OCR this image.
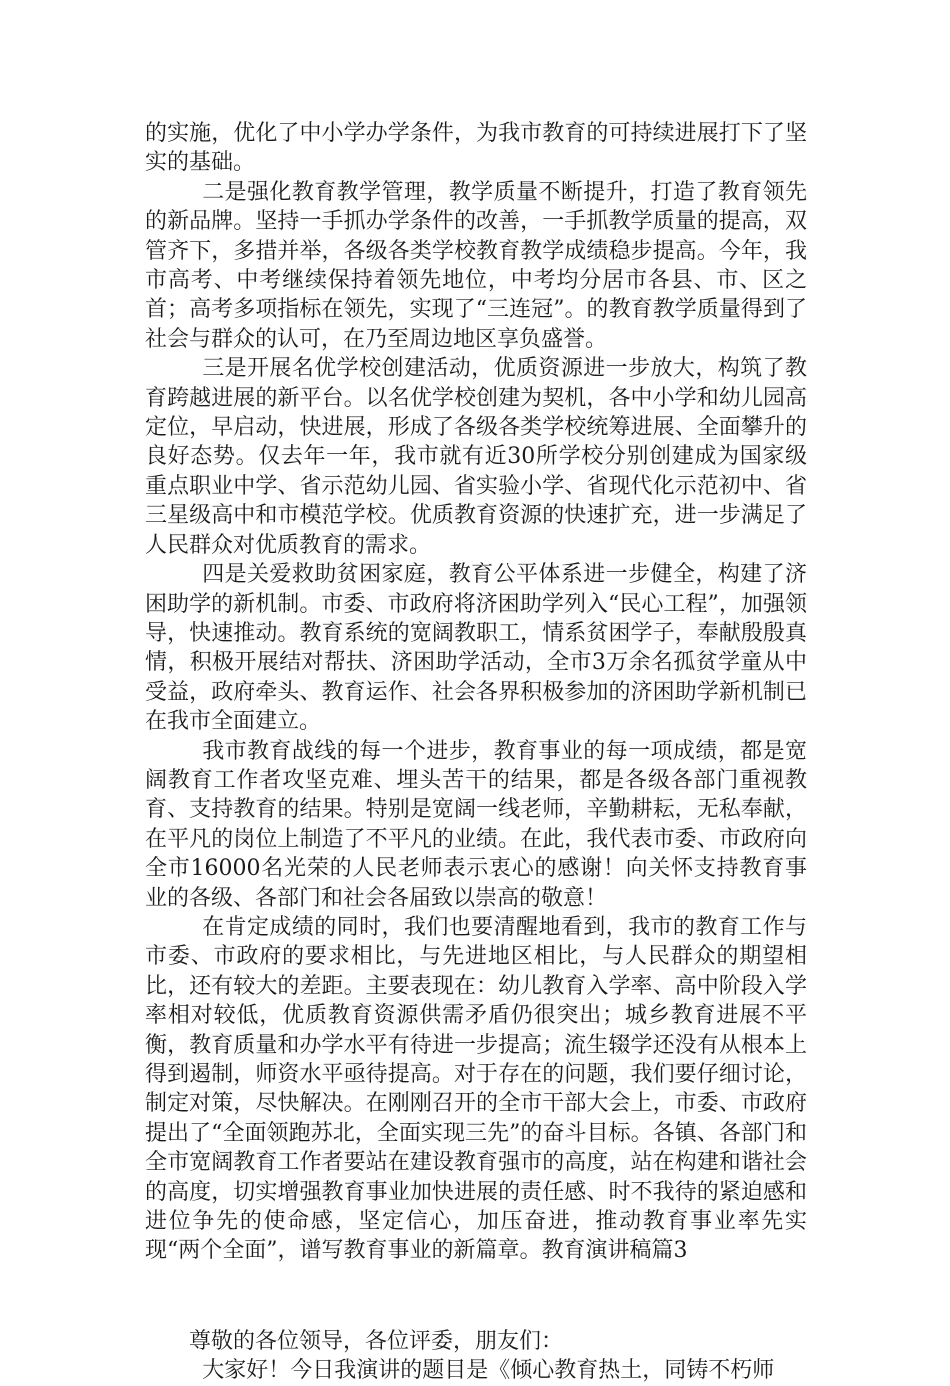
的实施，优化了中小学办学条件，为我市教育的可持续进展打下了坚实的基础。

二是强化教育教学管理，教学质量不断提升，打造了教育领先的新品牌。坚持一手抓办学条件的改善，一手抓教学质量的提高，双管齐下，多措并举，各级各类学校教育教学成绩稳步提高。今年，我市高考、中考继续保持着领先地位，中考均分居市各县、市、区之首；高考多项指标在领先，实现了“三连冠”。的教育教学质量得到了社会与群众的认可，在乃至周边地区享负盛誉。

三是开展名优学校创建活动，优质资源进一步放大，构筑了教育跨越进展的新平台。以名优学校创建为契机，各中小学和幼儿园高定位，早启动，快进展，形成了各级各类学校统筹进展、全面攀升的良好态势。仅去年一年，我市就有近30所学校分别创建成为国家级重点职业中学、省示范幼儿园、省实验小学、省现代化示范初中、省三星级高中和市模范学校。优质教育资源的快速扩充，进一步满足了人民群众对优质教育的需求。

四是关爱救助贫困家庭，教育公平体系进一步健全，构建了济困助学的新机制。市委、市政府将济困助学列入“民心工程”，加强领导，快速推动。教育系统的宽阔教职工，情系贫困学子，奉献殷殷真情，积极开展结对帮扶、济困助学活动，全市3万余名孤贫学童从中受益，政府牵头、教育运作、社会各界积极参加的济困助学新机制已在我市全面建立。

我市教育战线的每一个进步，教育事业的每一项成绩，都是宽阔教育工作者攻坚克难、埋头苦干的结果，都是各级各部门重视教育、支持教育的结果。特别是宽阔一线老师，辛勤耕耘，无私奉献，在平凡的岗位上制造了不平凡的业绩。在此，我代表市委、市政府向全市16000名光荣的人民老师表示衷心的感谢！向关怀支持教育事业的各级、各部门和社会各届致以崇高的敬意！

在肯定成绩的同时，我们也要清醒地看到，我市的教育工作与市委、市政府的要求相比，与先进地区相比，与人民群众的期望相比，还有较大的差距。主要表现在：幼儿教育入学率、高中阶段入学率相对较低，优质教育资源供需矛盾仍很突出；城乡教育进展不平衡，教育质量和办学水平有待进一步提高；流生辍学还没有从根本上得到遏制，师资水平亟待提高。对于存在的问题，我们要仔细讨论，制定对策，尽快解决。在刚刚召开的全市干部大会上，市委、市政府提出了“全面领跑苏北，全面实现三先”的奋斗目标。各镇、各部门和全市宽阔教育工作者要站在建设教育强市的高度，站在构建和谐社会的高度，切实增强教育事业加快进展的责任感、时不我待的紧迫感和进位争先的使命感，坚定信心，加压奋进，推动教育事业率先实现“两个全面”，谱写教育事业的新篇章。教育演讲稿篇3

尊敬的各位领导，各位评委，朋友们：

大家好！今日我演讲的题目是《倾心教育热土，同铸不朽师
